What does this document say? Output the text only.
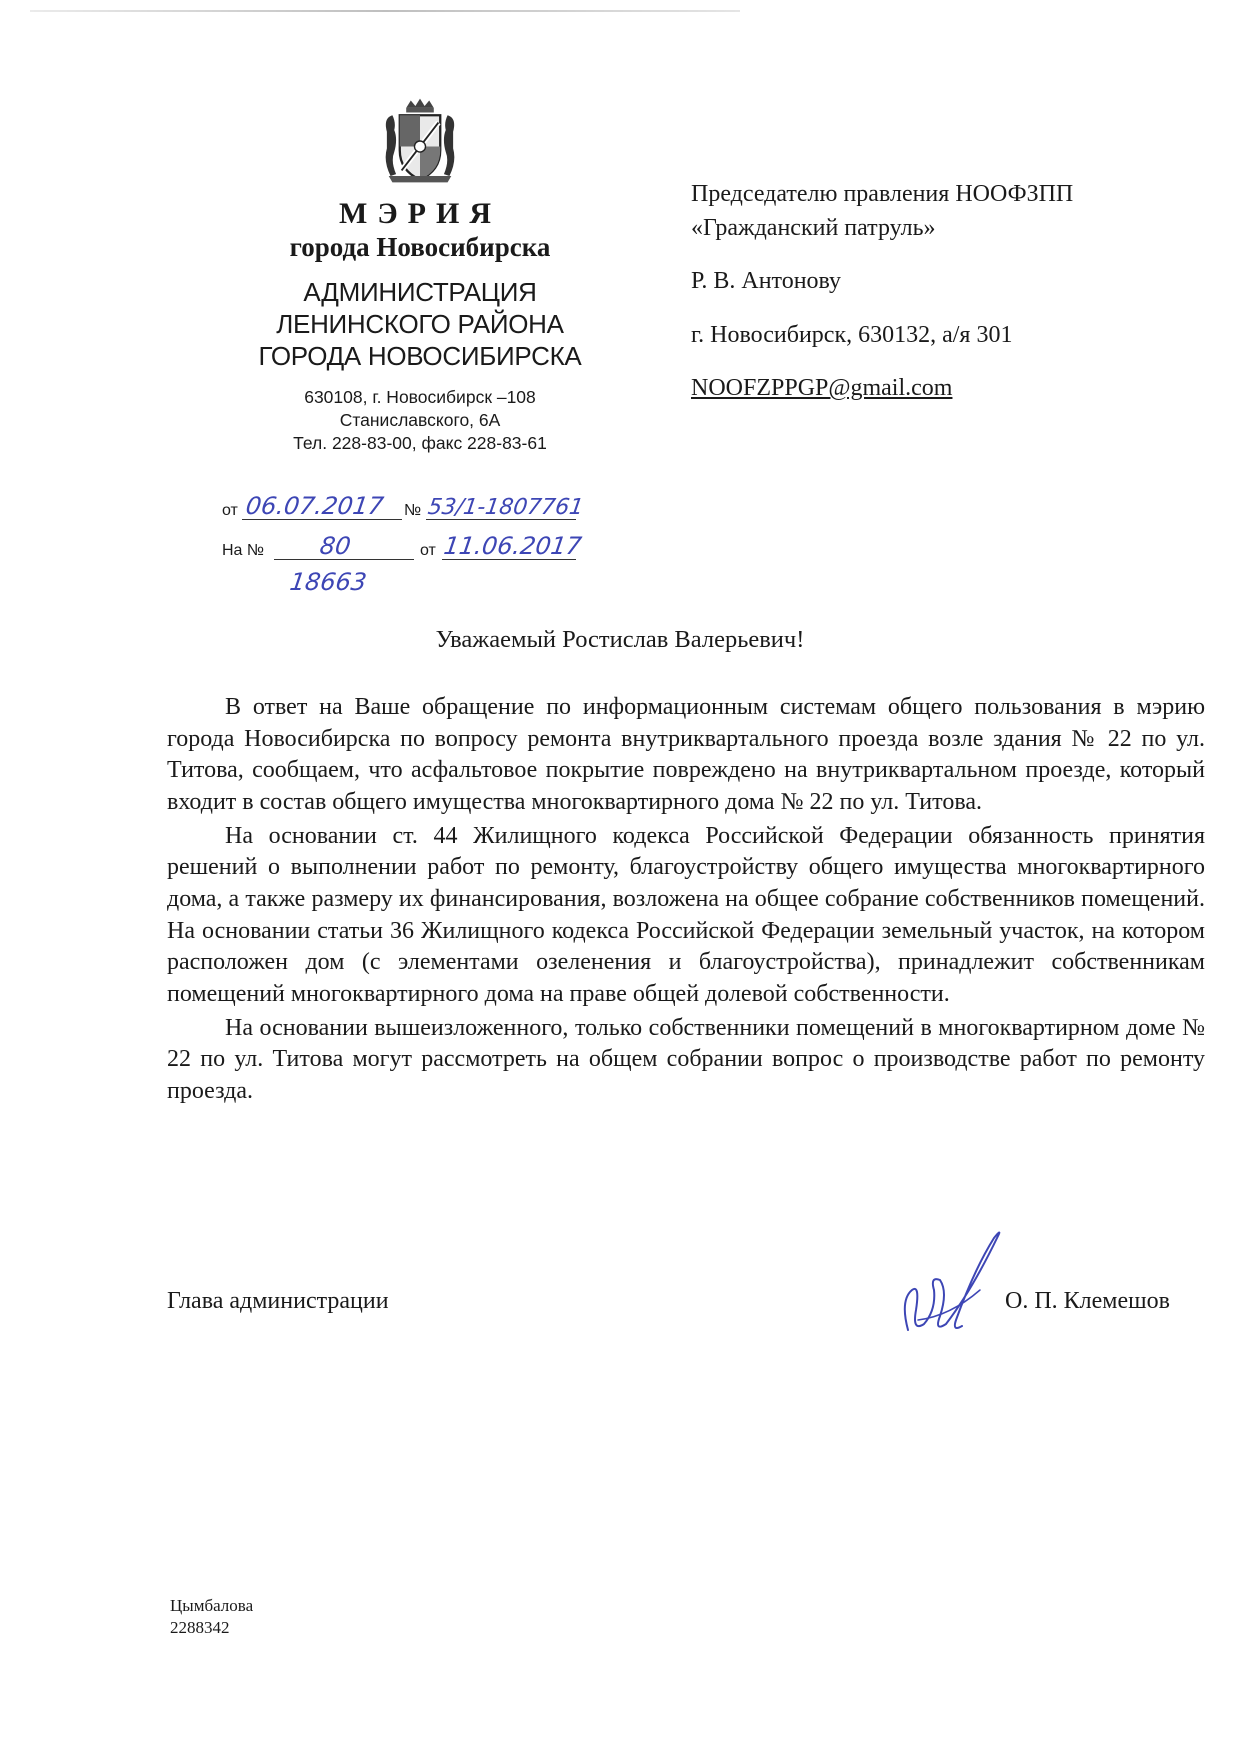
МЭРИЯ
города Новосибирска
АДМИНИСТРАЦИЯ
ЛЕНИНСКОГО РАЙОНА
ГОРОДА НОВОСИБИРСКА
630108, г. Новосибирск –108
Станиславского, 6А
Тел. 228-83-00, факс 228-83-61
от 06.07.2017 № 53/1-1807761
На № 80	от 11.06.2017
18663
Председателю правления НООФЗПП
«Гражданский патруль»
Р. В. Антонову
г. Новосибирск, 630132, а/я 301
NOOFZPPGP@gmail.com
Уважаемый Ростислав Валерьевич!

В ответ на Ваше обращение по информационным системам общего пользования в мэрию города Новосибирска по вопросу ремонта внутриквартального проезда возле здания № 22 по ул. Титова, сообщаем, что асфальтовое покрытие повреждено на внутриквартальном проезде, который входит в состав общего имущества многоквартирного дома № 22 по ул. Титова.

На основании ст. 44 Жилищного кодекса Российской Федерации обязанность принятия решений о выполнении работ по ремонту, благоустройству общего имущества многоквартирного дома, а также размеру их финансирования, возложена на общее собрание собственников помещений. На основании статьи 36 Жилищного кодекса Российской Федерации земельный участок, на котором расположен дом (с элементами озеленения и благоустройства), принадлежит собственникам помещений многоквартирного дома на праве общей долевой собственности.

На основании вышеизложенного, только собственники помещений в многоквартирном доме № 22 по ул. Титова могут рассмотреть на общем собрании вопрос о производстве работ по ремонту проезда.

Глава администрации	О. П. Клемешов
Цымбалова
2288342
